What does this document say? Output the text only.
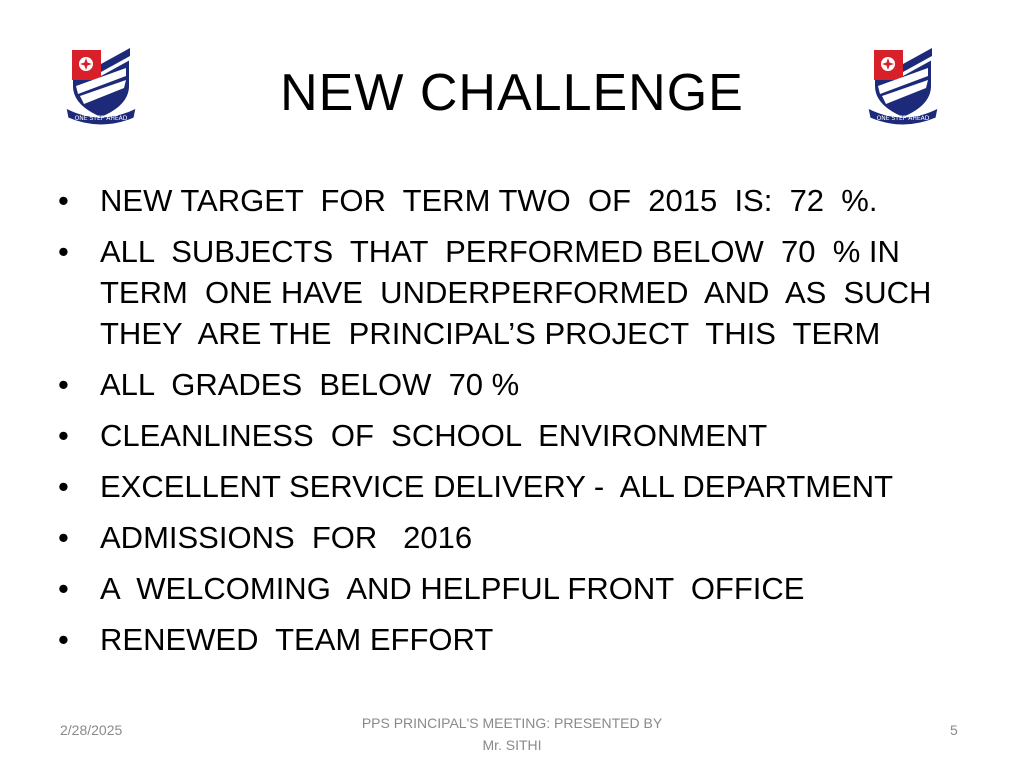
ONE STEP AHEAD	ONE STEP AHEAD
NEW CHALLENGE
• NEW TARGET  FOR  TERM TWO  OF  2015  IS:  72  %.
• ALL  SUBJECTS  THAT  PERFORMED BELOW  70  % IN  TERM  ONE HAVE  UNDERPERFORMED  AND  AS  SUCH THEY  ARE THE  PRINCIPAL’S PROJECT  THIS  TERM
• ALL  GRADES  BELOW  70 %
• CLEANLINESS  OF  SCHOOL  ENVIRONMENT
• EXCELLENT SERVICE DELIVERY -  ALL DEPARTMENT
• ADMISSIONS  FOR   2016
• A  WELCOMING  AND HELPFUL FRONT  OFFICE
• RENEWED  TEAM EFFORT
2/28/2025	PPS PRINCIPAL'S MEETING: PRESENTED BY
Mr. SITHI
5
